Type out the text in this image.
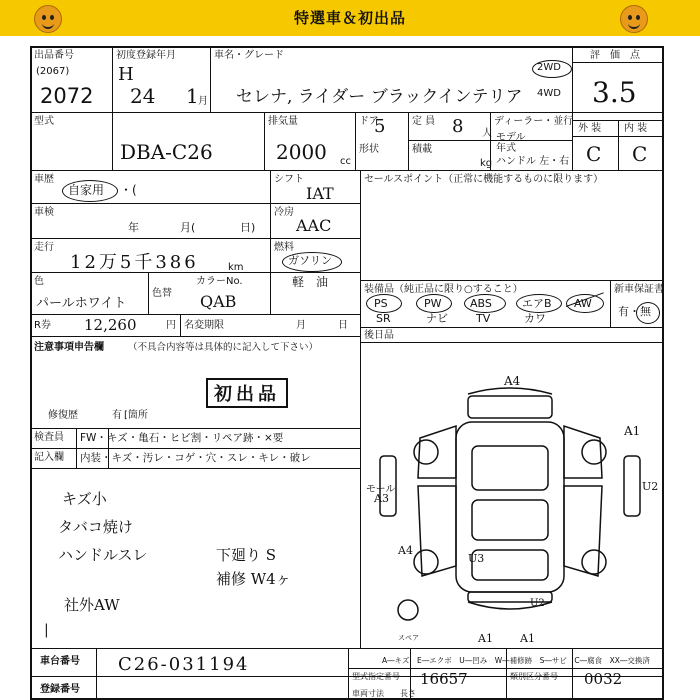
特選車＆初出品
出品番号
(2067)
2072
初度登録年月
H
24 1 月
車名・グレード
セレナ, ライダー ブラックインテリア
2WD
4WD
評　価　点
3.5
型式
DBA-C26
排気量
2000 cc
ドア
5	定 員 8 人
ディーラー・並行
モデル
年式
ハンドル 左・右
形状	積載
kg
外 装 内 装
C C
車歴
自家用 ・(
シフト
IAT
セールスポイント（正常に機能するものに限ります）
車検
年	月(	日)
冷房
AAC
走行
12万5千386	km
燃料
ガソリン
軽　油
色
パールホワイト
色替
カラーNo.
QAB
R券 12,260	円 名変期限	月	日
装備品（純正品に限り○すること）
PS	PW	ABS	エアB AW
SR	ナビ	TV	カワ
新車保証書
有・無
後日品
注意事項申告欄	（不具合内容等は具体的に記入して下さい）
初出品
修復歴	有 [箇所
検査員 FW・キズ・亀石・ヒビ割・リペア跡・×要
記入欄 内装・キズ・汚レ・コゲ・穴・スレ・キレ・破レ
キズ小
タバコ焼け
ハンドルスレ
社外AW
下廻り S
補修 W4ヶ
|
A4
A1
U2
A3
モール
A4
U3
U2
A1 A1
スペア
A―キズ　E―エクボ　U―凹み　W―補修跡　S―サビ　C―腐食　XX―交換済
車台番号 C26-031194
登録番号
型式指定番号 16657	類別区分番号 0032
車両寸法 長さ
